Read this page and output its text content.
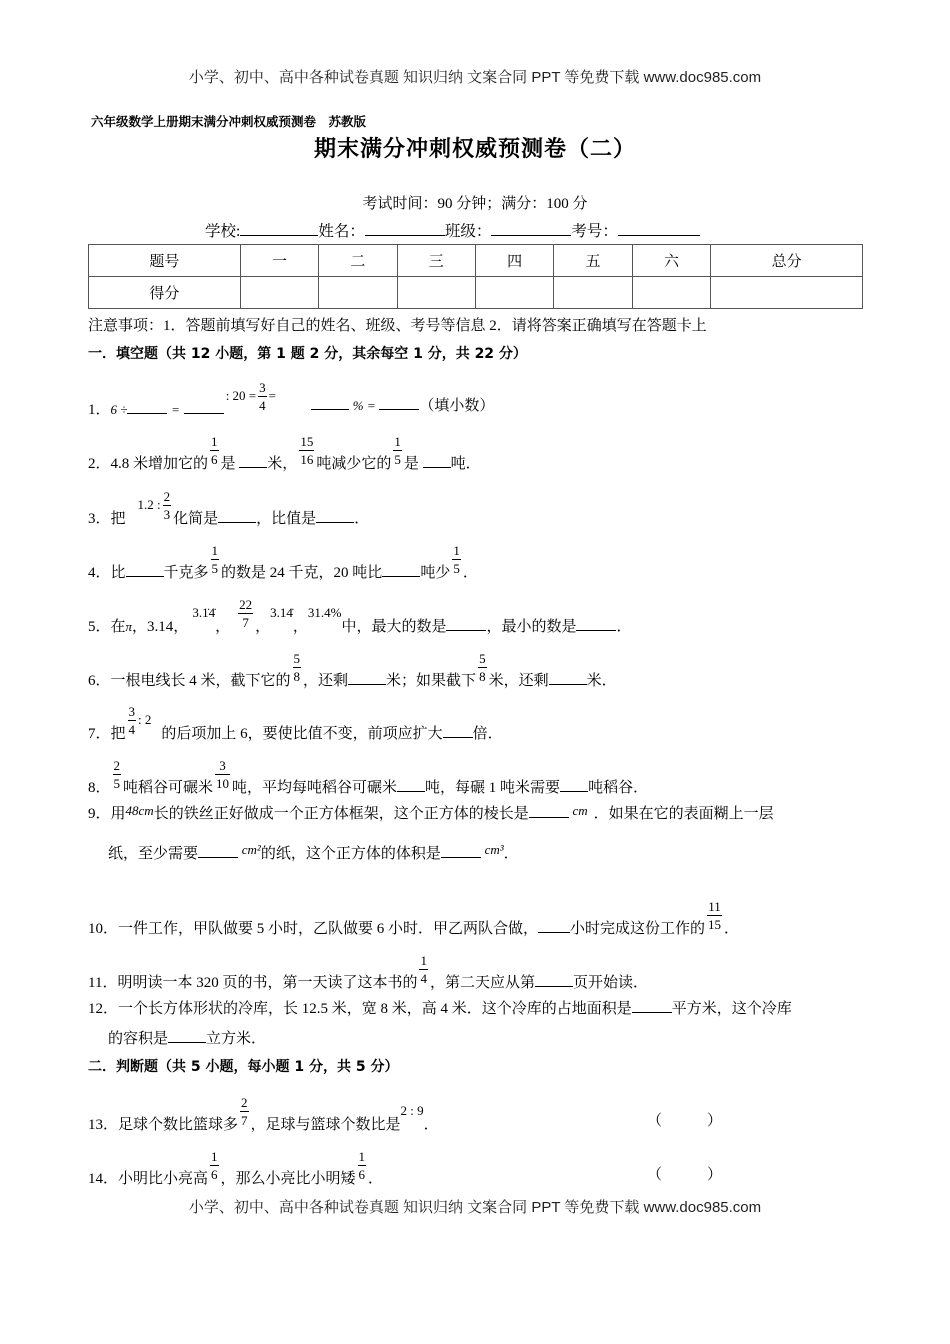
小学、初中、高中各种试卷真题 知识归纳 文案合同 PPT 等免费下载 www.doc985.com
六年级数学上册期末满分冲刺权威预测卷　苏教版
期末满分冲刺权威预测卷（二）
考试时间：90 分钟；满分：100 分
学校:	姓名：	班级：	考号：
题号	一	二	三	四	五	六	总分
得分							
注意事项：1．答题前填写好自己的姓名、班级、考号等信息 2．请将答案正确填写在答题卡上
一．填空题（共 12 小题，第 1 题 2 分，其余每空 1 分，共 22 分）
1．6 ÷	= : $20 = \frac{3}{4}$ =
% =	（填小数）
2．4.8 米增加它的 $\frac{1}{6}$ 是 米， $\frac{15}{16}$ 吨减少它的 $\frac{1}{5}$ 是 吨．
3．把1.2 : $\frac{2}{3}$ 化简是	，比值是	．
4．比	千克多 $\frac{1}{5}$ 的数是 24 千克，20 吨比	吨少 $\frac{1}{5}$ ．
5．在π，3.14，3.1̇4̇， $\frac{22}{7}$ ，3.14̇，31.4%中，最大的数是	，最小的数是	．
6．一根电线长 4 米，截下它的 $\frac{5}{8}$ ，还剩	米；如果截下 $\frac{5}{8}$ 米，还剩	米．
7．把 $\frac{3}{4}$ : 2的后项加上 6，要使比值不变，前项应扩大 倍．
8． $\frac{2}{5}$ 吨稻谷可碾米 $\frac{3}{10}$ 吨，平均每吨稻谷可碾米 吨，每碾 1 吨米需要 吨稻谷．
9．用48cm长的铁丝正好做成一个正方体框架，这个正方体的棱长是	cm ．如果在它的表面糊上一层
纸，至少需要	cm²的纸，这个正方体的体积是	cm³．
10．一件工作，甲队做要 5 小时，乙队做要 6 小时．甲乙两队合做， 小时完成这份工作的 $\frac{11}{15}$ ．
11．明明读一本 320 页的书，第一天读了这本书的 $\frac{1}{4}$ ，第二天应从第	页开始读．
12．一个长方体形状的冷库，长 12.5 米，宽 8 米，高 4 米．这个冷库的占地面积是	平方米，这个冷库
的容积是	立方米．
二．判断题（共 5 小题，每小题 1 分，共 5 分）
13．足球个数比篮球多 $\frac{2}{7}$ ，足球与篮球个数比是2 : 9．	（　　　）
14．小明比小亮高 $\frac{1}{6}$ ，那么小亮比小明矮 $\frac{1}{6}$ ．	（　　　）
小学、初中、高中各种试卷真题 知识归纳 文案合同 PPT 等免费下载 www.doc985.com
